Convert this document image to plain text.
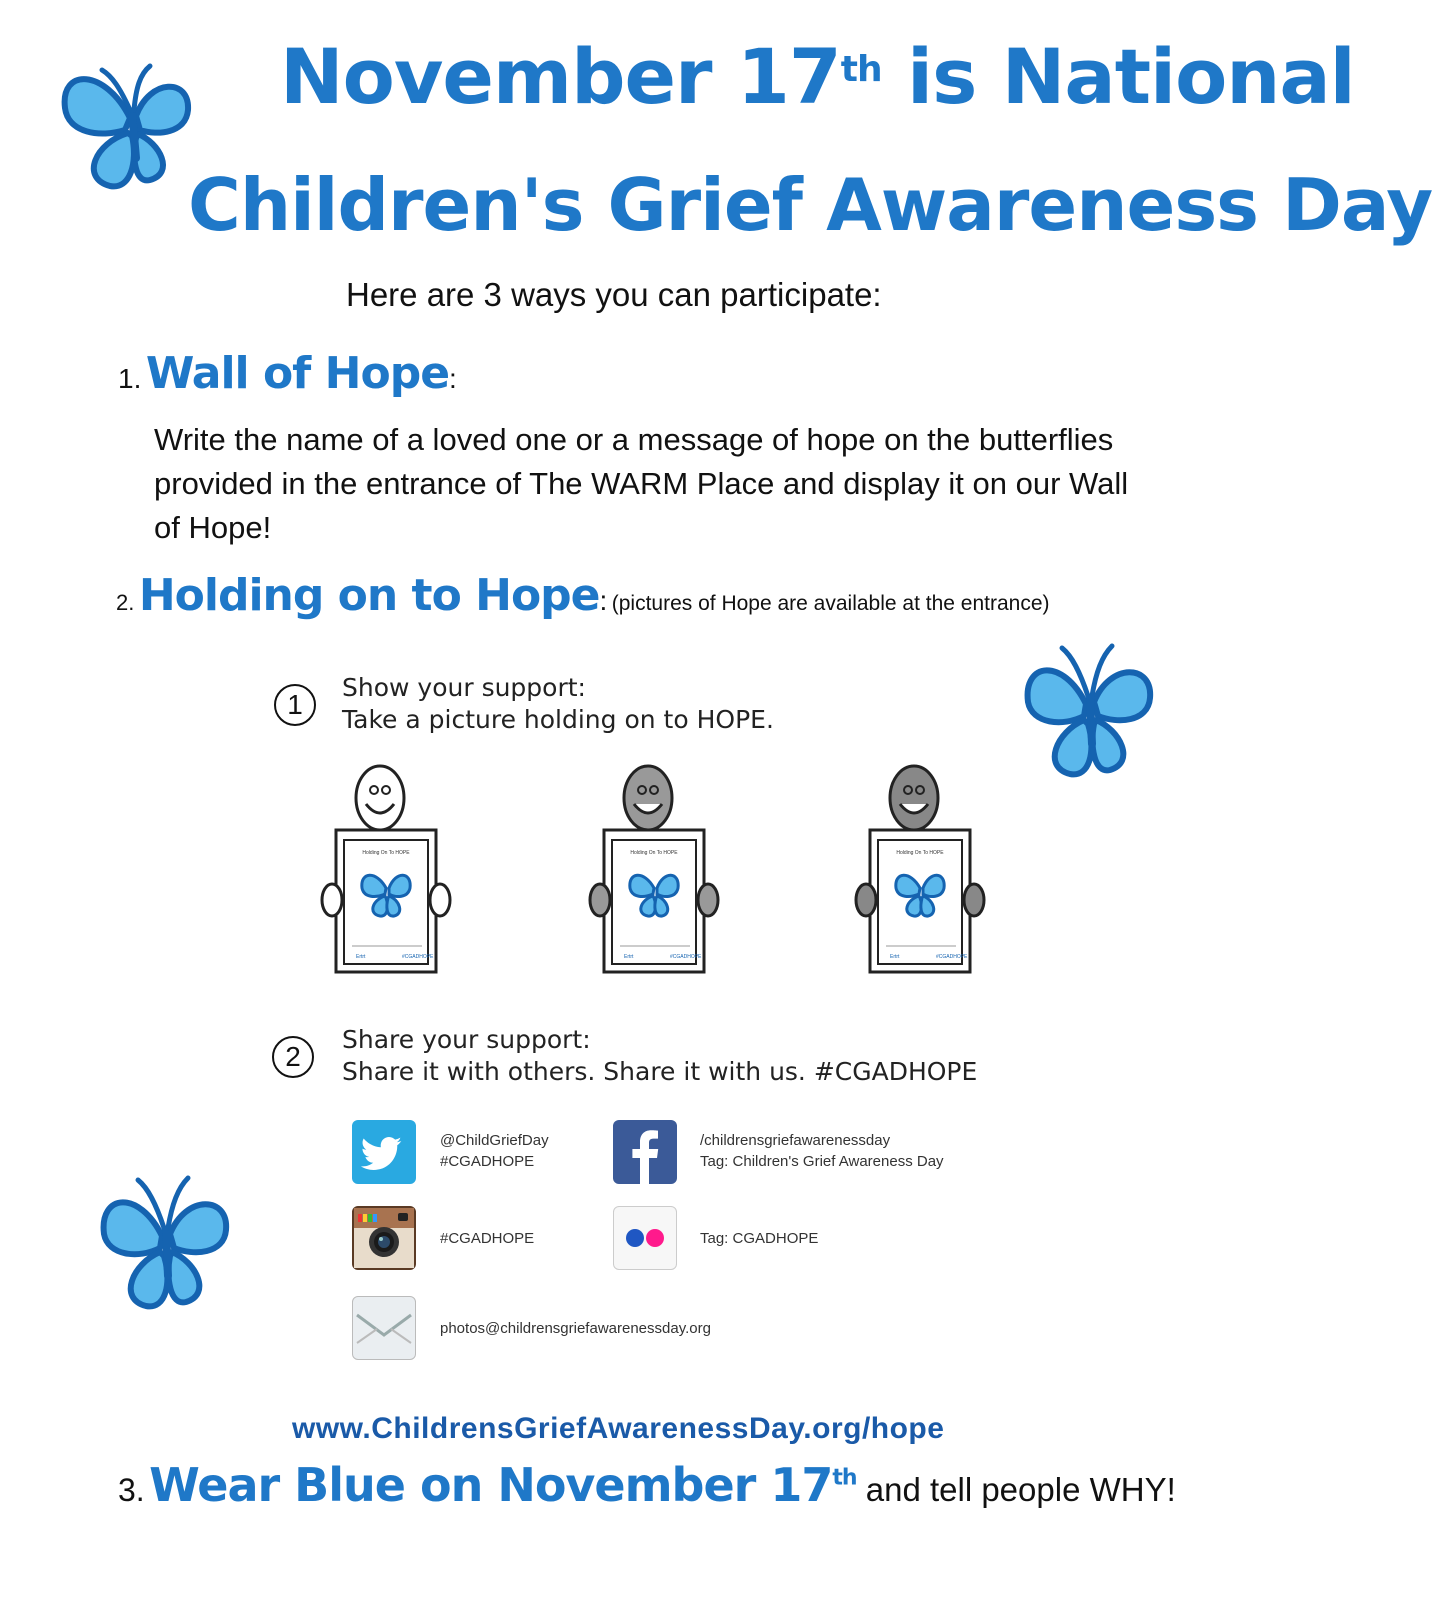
November 17th is National
Children's Grief Awareness Day
Here are 3 ways you can participate:
1. Wall of Hope:
Write the name of a loved one or a message of hope on the butterflies provided in the entrance of The WARM Place and display it on our Wall of Hope!
2. Holding on to Hope: (pictures of Hope are available at the entrance)
1
Show your support:
Take a picture holding on to HOPE.
Holding On To HOPE	Holding On To HOPE	Holding On To HOPE
Ertrt	Ertrt	Ertrt
#CGADHOPE	#CGADHOPE	#CGADHOPE
2
Share your support:
Share it with others. Share it with us. #CGADHOPE
@ChildGriefDay
#CGADHOPE
/childrensgriefawarenessday
Tag: Children's Grief Awareness Day
#CGADHOPE	Tag: CGADHOPE
photos@childrensgriefawarenessday.org
www.ChildrensGriefAwarenessDay.org/hope
3. Wear Blue on November 17th and tell people WHY!
